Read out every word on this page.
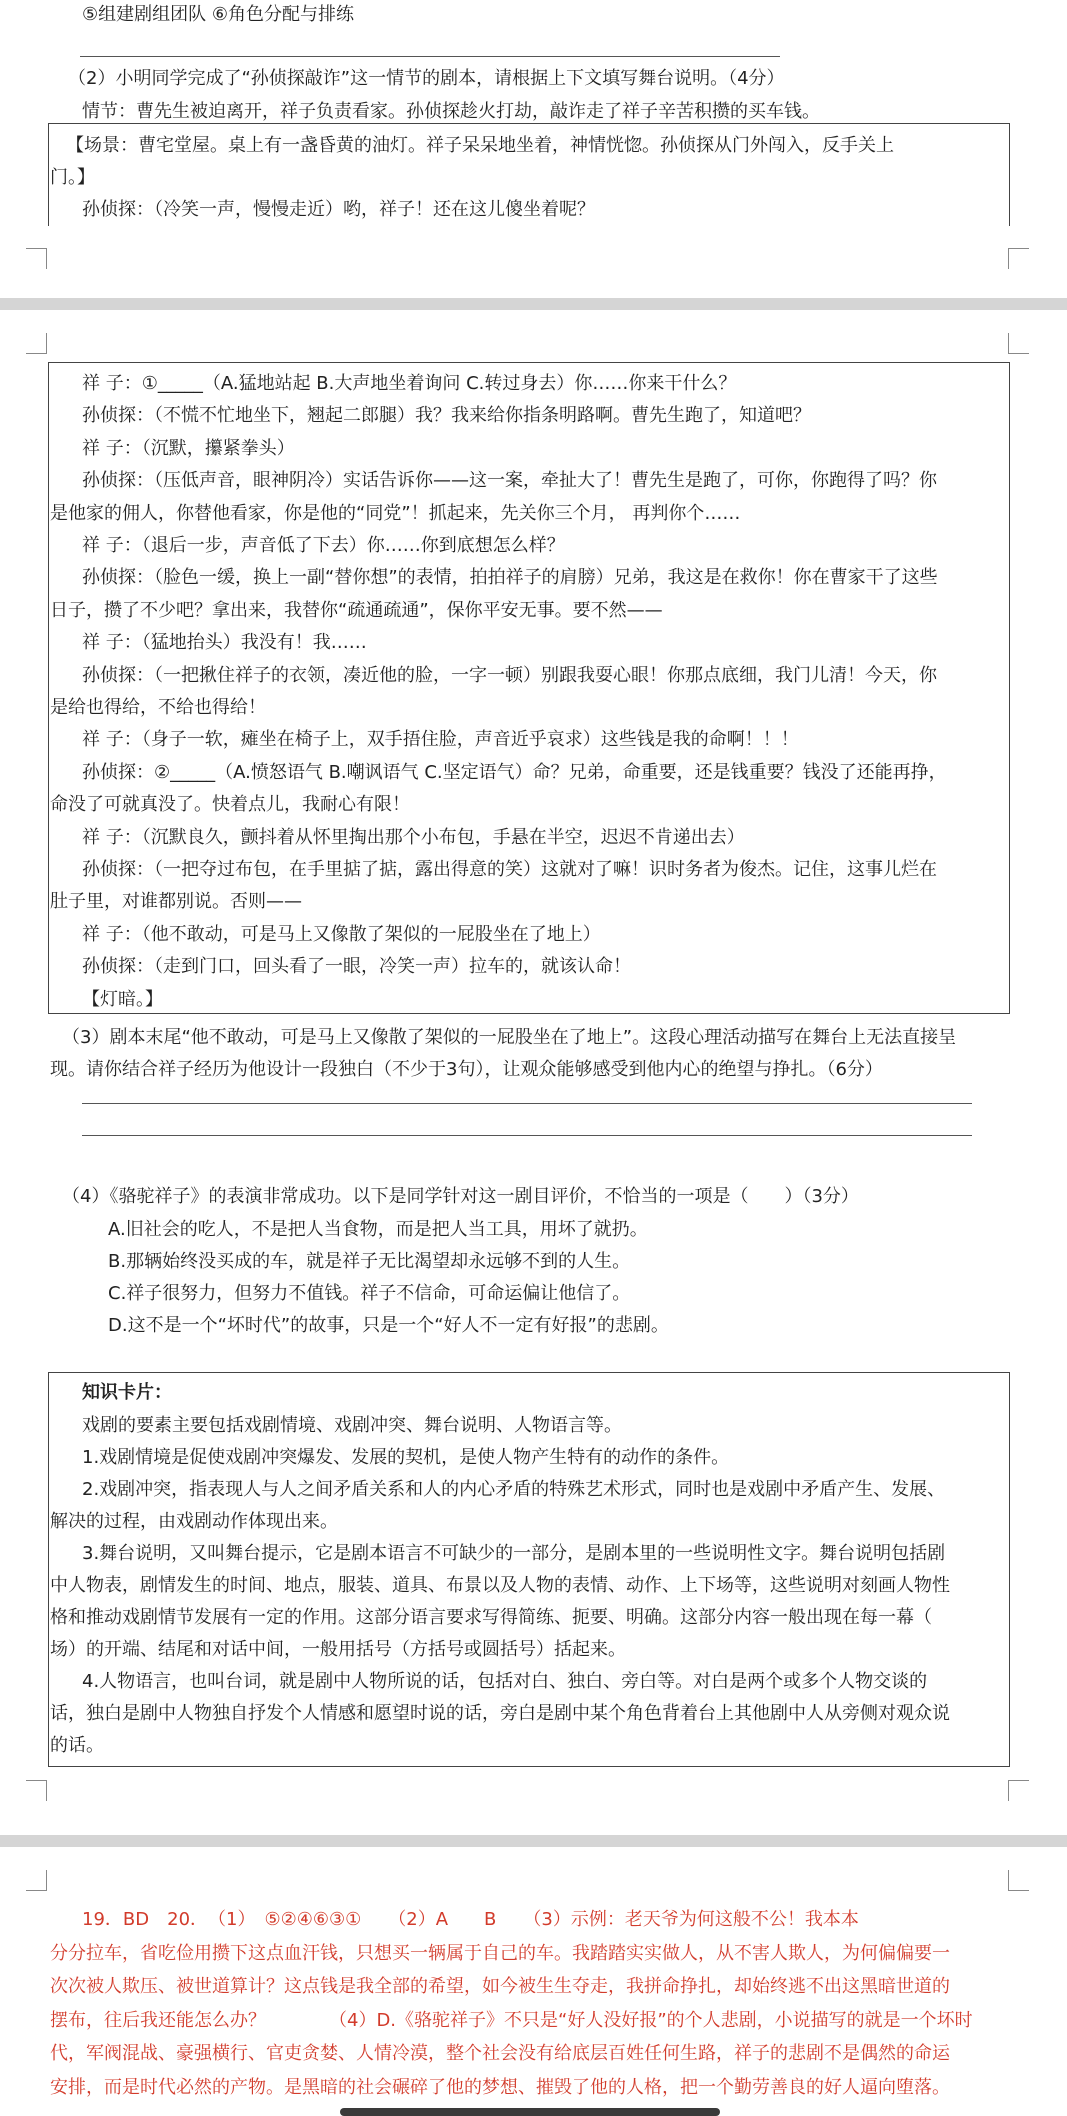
⑤组建剧组团队 ⑥角色分配与排练
（2）小明同学完成了“孙侦探敲诈”这一情节的剧本，请根据上下文填写舞台说明。（4分）
情节：曹先生被迫离开，祥子负责看家。孙侦探趁火打劫，敲诈走了祥子辛苦积攒的买车钱。
【场景：曹宅堂屋。桌上有一盏昏黄的油灯。祥子呆呆地坐着，神情恍惚。孙侦探从门外闯入，反手关上
门。】
孙侦探：（冷笑一声，慢慢走近）哟，祥子！还在这儿傻坐着呢？
祥 子：①_____（A.猛地站起 B.大声地坐着询问 C.转过身去）你……你来干什么？
孙侦探：（不慌不忙地坐下，翘起二郎腿）我？我来给你指条明路啊。曹先生跑了，知道吧？
祥 子：（沉默，攥紧拳头）
孙侦探：（压低声音，眼神阴冷）实话告诉你——这一案，牵扯大了！曹先生是跑了，可你，你跑得了吗？你
是他家的佣人，你替他看家，你是他的“同党”！抓起来，先关你三个月， 再判你个……
祥 子：（退后一步，声音低了下去）你……你到底想怎么样？
孙侦探：（脸色一缓，换上一副“替你想”的表情，拍拍祥子的肩膀）兄弟，我这是在救你！你在曹家干了这些
日子，攒了不少吧？拿出来，我替你“疏通疏通”，保你平安无事。要不然——
祥 子：（猛地抬头）我没有！我……
孙侦探：（一把揪住祥子的衣领，凑近他的脸，一字一顿）别跟我耍心眼！你那点底细，我门儿清！今天，你
是给也得给，不给也得给！
祥 子：（身子一软，瘫坐在椅子上，双手捂住脸，声音近乎哀求）这些钱是我的命啊！！！
孙侦探：②_____（A.愤怒语气 B.嘲讽语气 C.坚定语气）命？兄弟，命重要，还是钱重要？钱没了还能再挣，
命没了可就真没了。快着点儿，我耐心有限！
祥 子：（沉默良久，颤抖着从怀里掏出那个小布包，手悬在半空，迟迟不肯递出去）
孙侦探：（一把夺过布包，在手里掂了掂，露出得意的笑）这就对了嘛！识时务者为俊杰。记住，这事儿烂在
肚子里，对谁都别说。否则——
祥 子：（他不敢动，可是马上又像散了架似的一屁股坐在了地上）
孙侦探：（走到门口，回头看了一眼，冷笑一声）拉车的，就该认命！
【灯暗。】
（3）剧本末尾“他不敢动，可是马上又像散了架似的一屁股坐在了地上”。这段心理活动描写在舞台上无法直接呈
现。请你结合祥子经历为他设计一段独白（不少于3句），让观众能够感受到他内心的绝望与挣扎。（6分）
（4）《骆驼祥子》的表演非常成功。以下是同学针对这一剧目评价，不恰当的一项是（　　）（3分）
A.旧社会的吃人，不是把人当食物，而是把人当工具，用坏了就扔。
B.那辆始终没买成的车，就是祥子无比渴望却永远够不到的人生。
C.祥子很努力，但努力不值钱。祥子不信命，可命运偏让他信了。
D.这不是一个“坏时代”的故事，只是一个“好人不一定有好报”的悲剧。
知识卡片：
戏剧的要素主要包括戏剧情境、戏剧冲突、舞台说明、人物语言等。
1.戏剧情境是促使戏剧冲突爆发、发展的契机，是使人物产生特有的动作的条件。
2.戏剧冲突，指表现人与人之间矛盾关系和人的内心矛盾的特殊艺术形式，同时也是戏剧中矛盾产生、发展、
解决的过程，由戏剧动作体现出来。
3.舞台说明，又叫舞台提示，它是剧本语言不可缺少的一部分，是剧本里的一些说明性文字。舞台说明包括剧
中人物表，剧情发生的时间、地点，服装、道具、布景以及人物的表情、动作、上下场等，这些说明对刻画人物性
格和推动戏剧情节发展有一定的作用。这部分语言要求写得简练、扼要、明确。这部分内容一般出现在每一幕（
场）的开端、结尾和对话中间，一般用括号（方括号或圆括号）括起来。
4.人物语言，也叫台词，就是剧中人物所说的话，包括对白、独白、旁白等。对白是两个或多个人物交谈的
话，独白是剧中人物独自抒发个人情感和愿望时说的话，旁白是剧中某个角色背着台上其他剧中人从旁侧对观众说
的话。
19．BD　20．　（1）　⑤②④⑥③①　　（2）A　　B　　（3）示例：老天爷为何这般不公！我本本
分分拉车，省吃俭用攒下这点血汗钱，只想买一辆属于自己的车。我踏踏实实做人，从不害人欺人，为何偏偏要一
次次被人欺压、被世道算计？这点钱是我全部的希望，如今被生生夺走，我拼命挣扎，却始终逃不出这黑暗世道的
摆布，往后我还能怎么办？　　　　（4）D.《骆驼祥子》不只是“好人没好报”的个人悲剧，小说描写的就是一个坏时
代，军阀混战、豪强横行、官吏贪婪、人情冷漠，整个社会没有给底层百姓任何生路，祥子的悲剧不是偶然的命运
安排，而是时代必然的产物。是黑暗的社会碾碎了他的梦想、摧毁了他的人格，把一个勤劳善良的好人逼向堕落。
